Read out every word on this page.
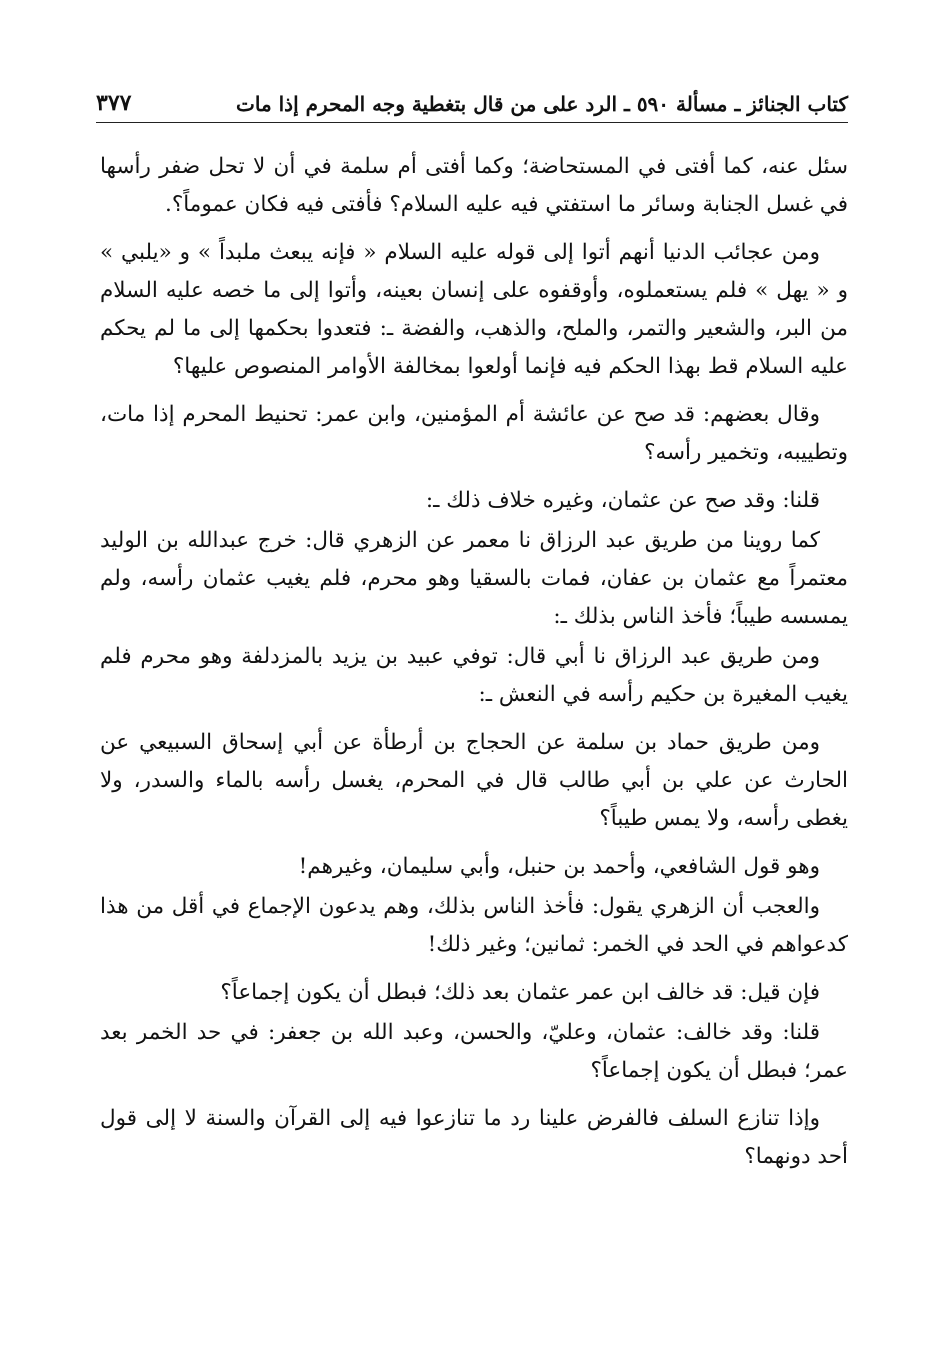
كتاب الجنائز ـ مسألة ٥٩٠ ـ الرد على من قال بتغطية وجه المحرم إذا مات
٣٧٧

سئل عنه، كما أفتى في المستحاضة؛ وكما أفتى أم سلمة في أن لا تحل ضفر رأسها في غسل الجنابة وسائر ما استفتي فيه عليه السلام؟ فأفتى فيه فكان عموماً؟.

ومن عجائب الدنيا أنهم أتوا إلى قوله عليه السلام « فإنه يبعث ملبداً » و «يلبي » و « يهل » فلم يستعملوه، وأوقفوه على إنسان بعينه، وأتوا إلى ما خصه عليه السلام من البر، والشعير والتمر، والملح، والذهب، والفضة ـ: فتعدوا بحكمها إلى ما لم يحكم عليه السلام قط بهذا الحكم فيه فإنما أولعوا بمخالفة الأوامر المنصوص عليها؟

وقال بعضهم: قد صح عن عائشة أم المؤمنين، وابن عمر: تحنيط المحرم إذا مات، وتطييبه، وتخمير رأسه؟

قلنا: وقد صح عن عثمان، وغيره خلاف ذلك ـ:

كما روينا من طريق عبد الرزاق نا معمر عن الزهري قال: خرج عبدالله بن الوليد معتمراً مع عثمان بن عفان، فمات بالسقيا وهو محرم، فلم يغيب عثمان رأسه، ولم يمسسه طيباً؛ فأخذ الناس بذلك ـ:

ومن طريق عبد الرزاق نا أبي قال: توفي عبيد بن يزيد بالمزدلفة وهو محرم فلم يغيب المغيرة بن حكيم رأسه في النعش ـ:

ومن طريق حماد بن سلمة عن الحجاج بن أرطأة عن أبي إسحاق السبيعي عن الحارث عن علي بن أبي طالب قال في المحرم، يغسل رأسه بالماء والسدر، ولا يغطى رأسه، ولا يمس طيباً؟

وهو قول الشافعي، وأحمد بن حنبل، وأبي سليمان، وغيرهم!

والعجب أن الزهري يقول: فأخذ الناس بذلك، وهم يدعون الإجماع في أقل من هذا كدعواهم في الحد في الخمر: ثمانين؛ وغير ذلك!

فإن قيل: قد خالف ابن عمر عثمان بعد ذلك؛ فبطل أن يكون إجماعاً؟

قلنا: وقد خالف: عثمان، وعليّ، والحسن، وعبد الله بن جعفر: في حد الخمر بعد عمر؛ فبطل أن يكون إجماعاً؟

وإذا تنازع السلف فالفرض علينا رد ما تنازعوا فيه إلى القرآن والسنة لا إلى قول أحد دونهما؟
